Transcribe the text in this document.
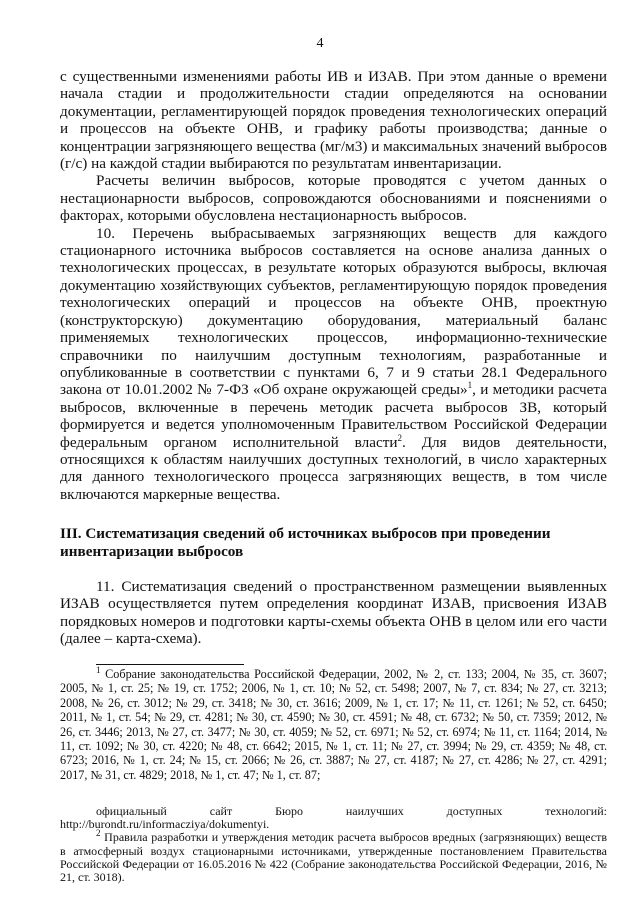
4

с существенными изменениями работы ИВ и ИЗАВ. При этом данные о времени начала стадии и продолжительности стадии определяются на основании документации, регламентирующей порядок проведения технологических операций и процессов на объекте ОНВ, и графику работы производства; данные о концентрации загрязняющего вещества (мг/м3) и максимальных значений выбросов (г/с) на каждой стадии выбираются по результатам инвентаризации.

Расчеты величин выбросов, которые проводятся с учетом данных о нестационарности выбросов, сопровождаются обоснованиями и пояснениями о факторах, которыми обусловлена нестационарность выбросов.

10. Перечень выбрасываемых загрязняющих веществ для каждого стационарного источника выбросов составляется на основе анализа данных о технологических процессах, в результате которых образуются выбросы, включая документацию хозяйствующих субъектов, регламентирующую порядок проведения технологических операций и процессов на объекте ОНВ, проектную (конструкторскую) документацию оборудования, материальный баланс применяемых технологических процессов, информационно-технические справочники по наилучшим доступным технологиям, разработанные и опубликованные в соответствии с пунктами 6, 7 и 9 статьи 28.1 Федерального закона от 10.01.2002 № 7-ФЗ «Об охране окружающей среды»$^1$, и методики расчета выбросов, включенные в перечень методик расчета выбросов ЗВ, который формируется и ведется уполномоченным Правительством Российской Федерации федеральным органом исполнительной власти$^2$. Для видов деятельности, относящихся к областям наилучших доступных технологий, в число характерных для данного технологического процесса загрязняющих веществ, в том числе включаются маркерные вещества.

III. Систематизация сведений об источниках выбросов при проведении
инвентаризации выбросов

11. Систематизация сведений о пространственном размещении выявленных ИЗАВ осуществляется путем определения координат ИЗАВ, присвоения ИЗАВ порядковых номеров и подготовки карты-схемы объекта ОНВ в целом или его части (далее – карта-схема).

$^1$ Собрание законодательства Российской Федерации, 2002, № 2, ст. 133; 2004, № 35, ст. 3607; 2005, № 1, ст. 25; № 19, ст. 1752; 2006, № 1, ст. 10; № 52, ст. 5498; 2007, № 7, ст. 834; № 27, ст. 3213; 2008, № 26, ст. 3012; № 29, ст. 3418; № 30, ст. 3616; 2009, № 1, ст. 17; № 11, ст. 1261; № 52, ст. 6450; 2011, № 1, ст. 54; № 29, ст. 4281; № 30, ст. 4590; № 30, ст. 4591; № 48, ст. 6732; № 50, ст. 7359; 2012, № 26, ст. 3446; 2013, № 27, ст. 3477; № 30, ст. 4059; № 52, ст. 6971; № 52, ст. 6974; № 11, ст. 1164; 2014, № 11, ст. 1092; № 30, ст. 4220; № 48, ст. 6642; 2015, № 1, ст. 11; № 27, ст. 3994; № 29, ст. 4359; № 48, ст. 6723; 2016, № 1, ст. 24; № 15, ст. 2066; № 26, ст. 3887; № 27, ст. 4187; № 27, ст. 4286; № 27, ст. 4291; 2017, № 31, ст. 4829; 2018, № 1, ст. 47; № 1, ст. 87;

официальный сайт Бюро наилучших доступных технологий: http://burondt.ru/informacziya/dokumentyi.

$^2$ Правила разработки и утверждения методик расчета выбросов вредных (загрязняющих) веществ в атмосферный воздух стационарными источниками, утвержденные постановлением Правительства Российской Федерации от 16.05.2016 № 422 (Собрание законодательства Российской Федерации, 2016, № 21, ст. 3018).
